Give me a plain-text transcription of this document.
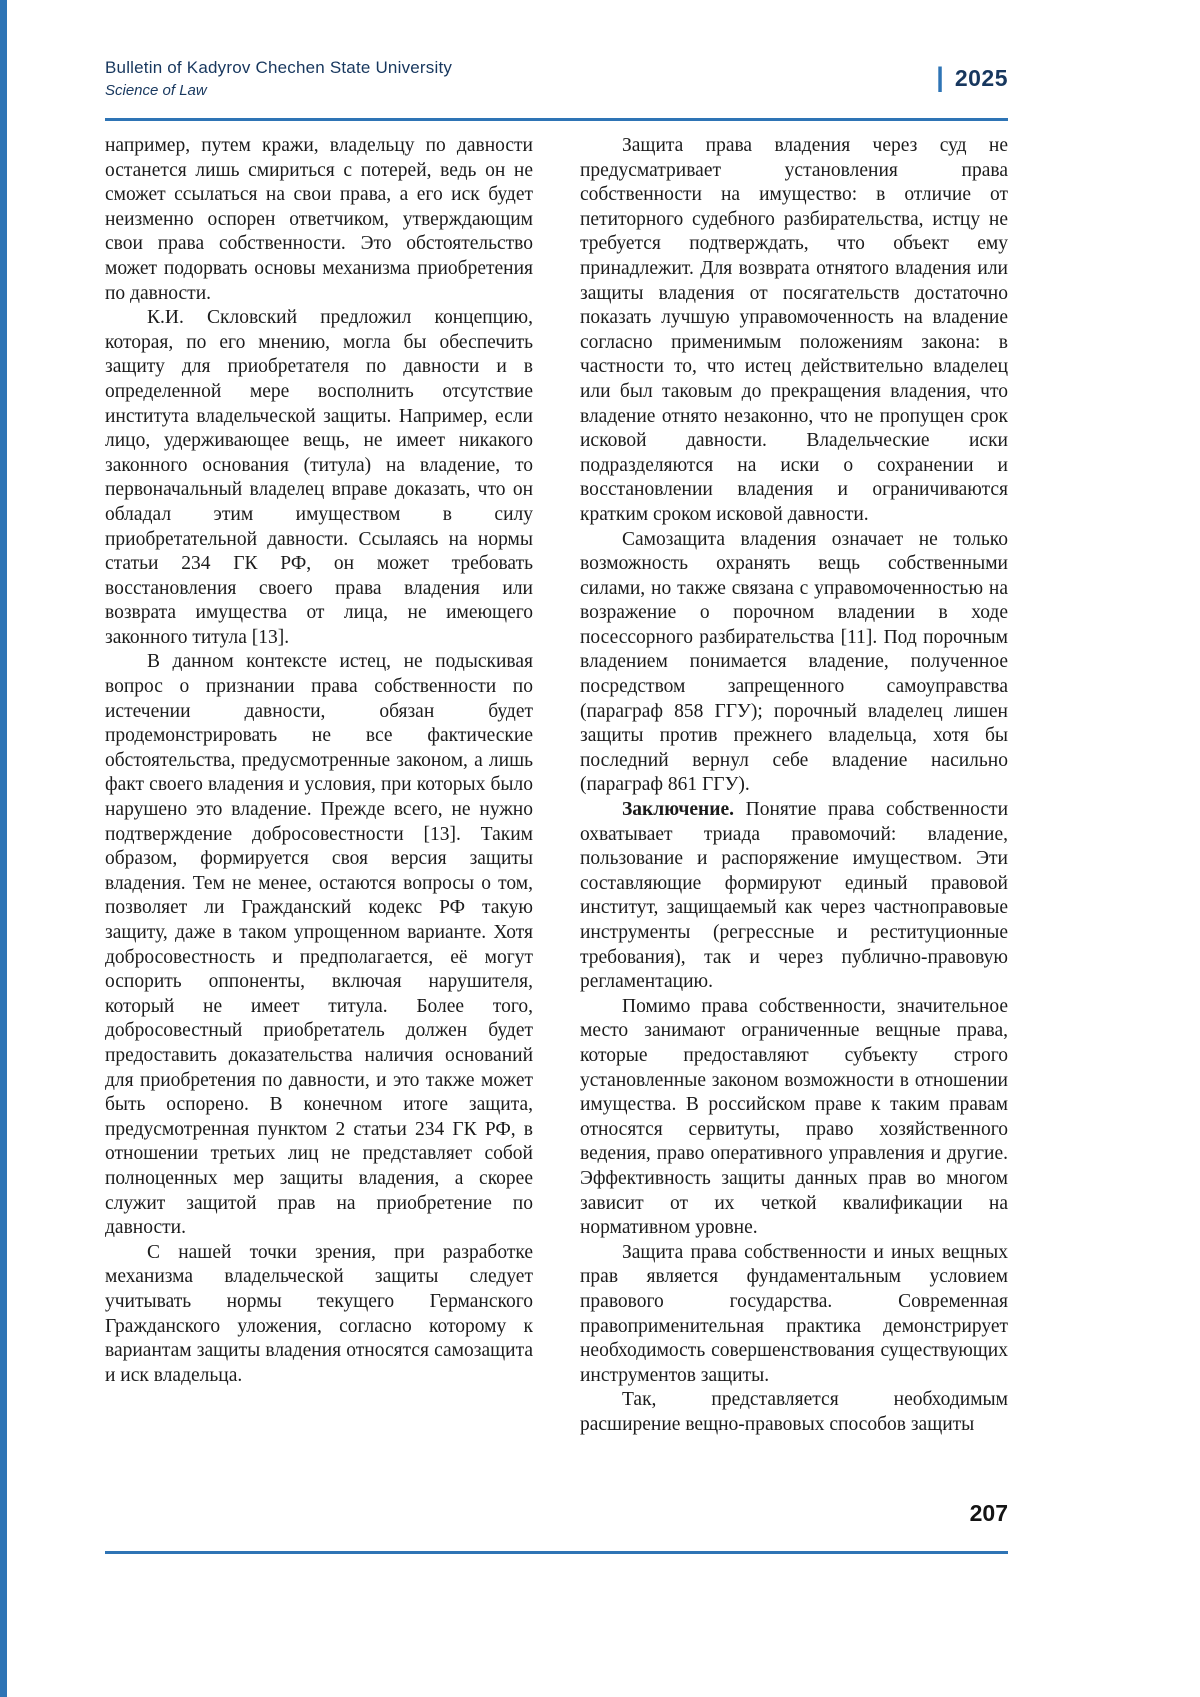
Bulletin of Kadyrov Chechen State University
Science of Law	| 2025

например, путем кражи, владельцу по давности останется лишь смириться с потерей, ведь он не сможет ссылаться на свои права, а его иск будет неизменно оспорен ответчиком, утверждающим свои права собственности. Это обстоятельство может подорвать основы механизма приобретения по давности.

К.И. Скловский предложил концепцию, которая, по его мнению, могла бы обеспечить защиту для приобретателя по давности и в определенной мере восполнить отсутствие института владельческой защиты. Например, если лицо, удерживающее вещь, не имеет никакого законного основания (титула) на владение, то первоначальный владелец вправе доказать, что он обладал этим имуществом в силу приобретательной давности. Ссылаясь на нормы статьи 234 ГК РФ, он может требовать восстановления своего права владения или возврата имущества от лица, не имеющего законного титула [13].

В данном контексте истец, не подыскивая вопрос о признании права собственности по истечении давности, обязан будет продемонстрировать не все фактические обстоятельства, предусмотренные законом, а лишь факт своего владения и условия, при которых было нарушено это владение. Прежде всего, не нужно подтверждение добросовестности [13]. Таким образом, формируется своя версия защиты владения. Тем не менее, остаются вопросы о том, позволяет ли Гражданский кодекс РФ такую защиту, даже в таком упрощенном варианте. Хотя добросовестность и предполагается, её могут оспорить оппоненты, включая нарушителя, который не имеет титула. Более того, добросовестный приобретатель должен будет предоставить доказательства наличия оснований для приобретения по давности, и это также может быть оспорено. В конечном итоге защита, предусмотренная пунктом 2 статьи 234 ГК РФ, в отношении третьих лиц не представляет собой полноценных мер защиты владения, а скорее служит защитой прав на приобретение по давности.

С нашей точки зрения, при разработке механизма владельческой защиты следует учитывать нормы текущего Германского Гражданского уложения, согласно которому к вариантам защиты владения относятся самозащита и иск владельца.

Защита права владения через суд не предусматривает установления права собственности на имущество: в отличие от петиторного судебного разбирательства, истцу не требуется подтверждать, что объект ему принадлежит. Для возврата отнятого владения или защиты владения от посягательств достаточно показать лучшую управомоченность на владение согласно применимым положениям закона: в частности то, что истец действительно владелец или был таковым до прекращения владения, что владение отнято незаконно, что не пропущен срок исковой давности. Владельческие иски подразделяются на иски о сохранении и восстановлении владения и ограничиваются кратким сроком исковой давности.

Самозащита владения означает не только возможность охранять вещь собственными силами, но также связана с управомоченностью на возражение о порочном владении в ходе посессорного разбирательства [11]. Под порочным владением понимается владение, полученное посредством запрещенного самоуправства (параграф 858 ГГУ); порочный владелец лишен защиты против прежнего владельца, хотя бы последний вернул себе владение насильно (параграф 861 ГГУ).

Заключение. Понятие права собственности охватывает триада правомочий: владение, пользование и распоряжение имуществом. Эти составляющие формируют единый правовой институт, защищаемый как через частноправовые инструменты (регрессные и реституционные требования), так и через публично-правовую регламентацию.

Помимо права собственности, значительное место занимают ограниченные вещные права, которые предоставляют субъекту строго установленные законом возможности в отношении имущества. В российском праве к таким правам относятся сервитуты, право хозяйственного ведения, право оперативного управления и другие. Эффективность защиты данных прав во многом зависит от их четкой квалификации на нормативном уровне.

Защита права собственности и иных вещных прав является фундаментальным условием правового государства. Современная правоприменительная практика демонстрирует необходимость совершенствования существующих инструментов защиты.

Так, представляется необходимым расширение вещно-правовых способов защиты

207
